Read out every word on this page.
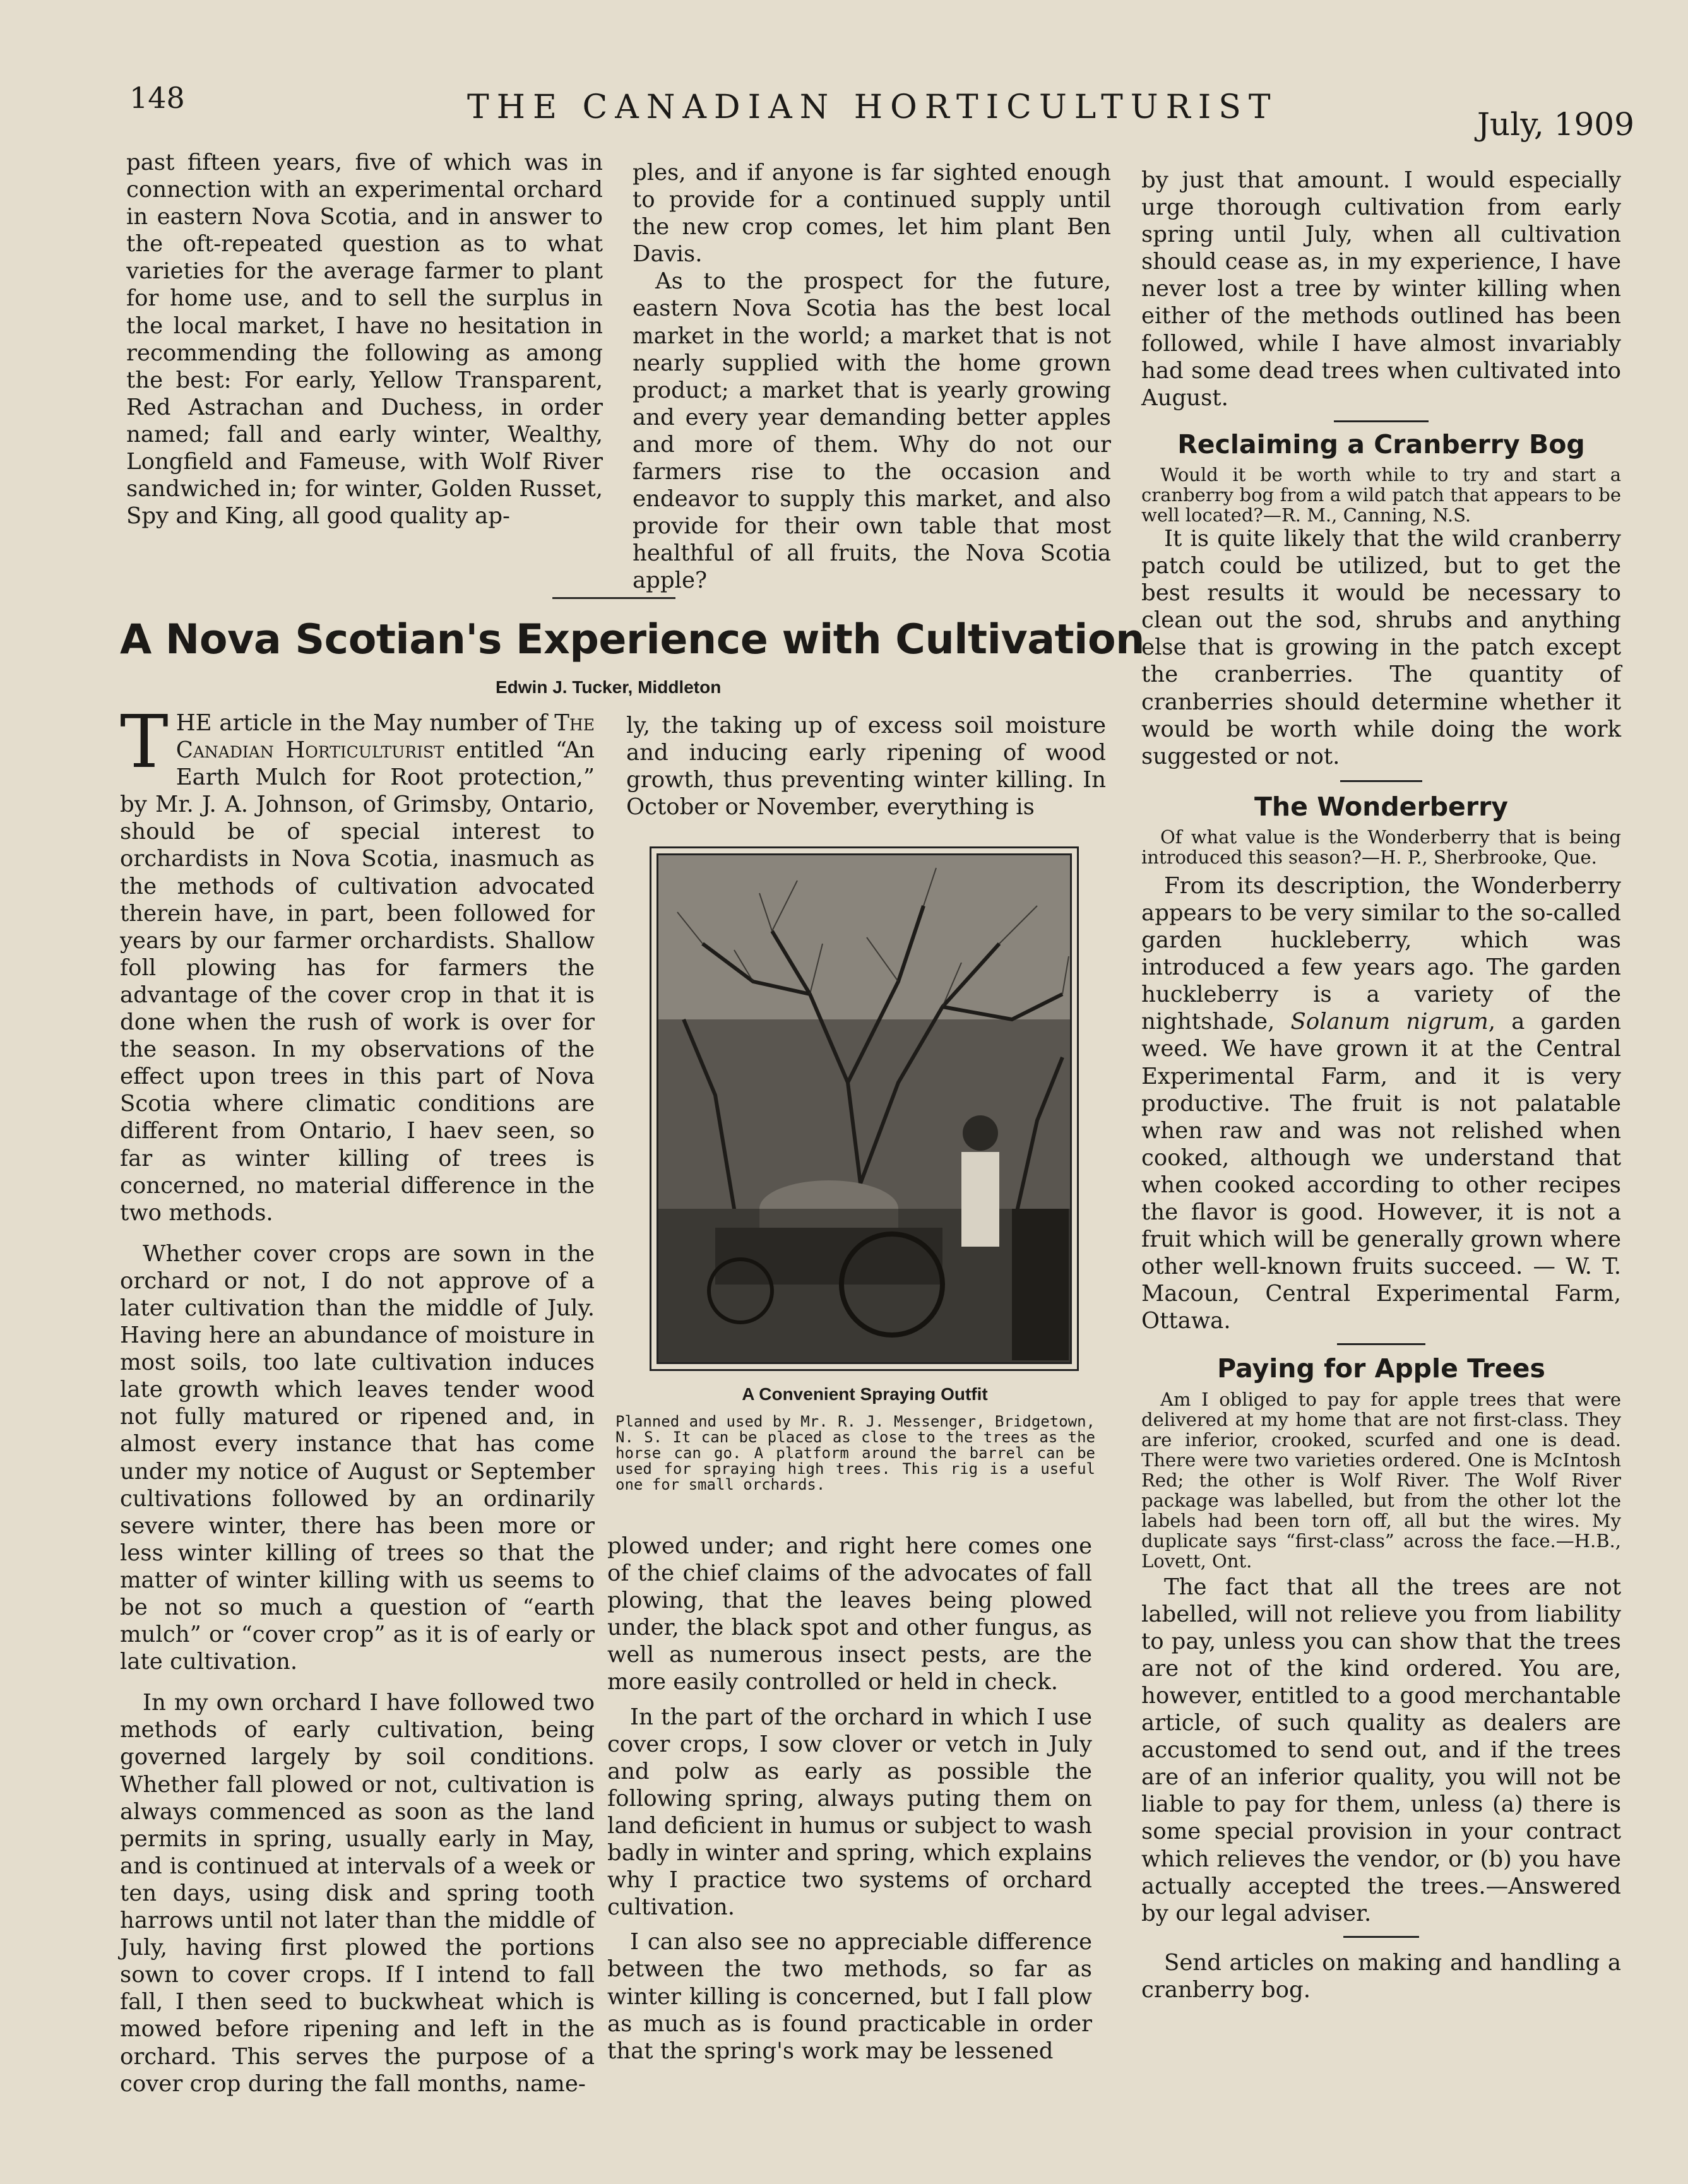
148	THE CANADIAN HORTICULTURIST	July, 1909

past fifteen years, five of which was in connection with an experimental orchard in eastern Nova Scotia, and in answer to the oft-repeated question as to what varieties for the average farmer to plant for home use, and to sell the surplus in the local market, I have no hesitation in recommending the following as among the best: For early, Yellow Transparent, Red Astrachan and Duchess, in order named; fall and early winter, Wealthy, Longfield and Fameuse, with Wolf River sandwiched in; for winter, Golden Russet, Spy and King, all good quality ap-

ples, and if anyone is far sighted enough to provide for a continued supply until the new crop comes, let him plant Ben Davis.

As to the prospect for the future, eastern Nova Scotia has the best local market in the world; a market that is not nearly supplied with the home grown product; a market that is yearly growing and every year demanding better apples and more of them. Why do not our farmers rise to the occasion and endeavor to supply this market, and also provide for their own table that most healthful of all fruits, the Nova Scotia apple?

A Nova Scotian's Experience with Cultivation
Edwin J. Tucker, Middleton

THE article in the May number of The Canadian Horticulturist entitled “An Earth Mulch for Root protection,” by Mr. J. A. Johnson, of Grimsby, Ontario, should be of special interest to orchardists in Nova Scotia, inasmuch as the methods of cultivation advocated therein have, in part, been followed for years by our farmer orchardists. Shallow foll plowing has for farmers the advantage of the cover crop in that it is done when the rush of work is over for the season. In my observations of the effect upon trees in this part of Nova Scotia where climatic conditions are different from Ontario, I haev seen, so far as winter killing of trees is concerned, no material difference in the two methods.

Whether cover crops are sown in the orchard or not, I do not approve of a later cultivation than the middle of July. Having here an abundance of moisture in most soils, too late cultivation induces late growth which leaves tender wood not fully matured or ripened and, in almost every instance that has come under my notice of August or September cultivations followed by an ordinarily severe winter, there has been more or less winter killing of trees so that the matter of winter killing with us seems to be not so much a question of “earth mulch” or “cover crop” as it is of early or late cultivation.

In my own orchard I have followed two methods of early cultivation, being governed largely by soil conditions. Whether fall plowed or not, cultivation is always commenced as soon as the land permits in spring, usually early in May, and is continued at intervals of a week or ten days, using disk and spring tooth harrows until not later than the middle of July, having first plowed the portions sown to cover crops. If I intend to fall fall, I then seed to buckwheat which is mowed before ripening and left in the orchard. This serves the purpose of a cover crop during the fall months, name-

ly, the taking up of excess soil moisture and inducing early ripening of wood growth, thus preventing winter killing. In October or November, everything is

A Convenient Spraying Outfit
Planned and used by Mr. R. J. Messenger, Bridgetown, N. S. It can be placed as close to the trees as the horse can go. A platform around the barrel can be used for spraying high trees. This rig is a useful one for small orchards.

plowed under; and right here comes one of the chief claims of the advocates of fall plowing, that the leaves being plowed under, the black spot and other fungus, as well as numerous insect pests, are the more easily controlled or held in check.

In the part of the orchard in which I use cover crops, I sow clover or vetch in July and polw as early as possible the following spring, always puting them on land deficient in humus or subject to wash badly in winter and spring, which explains why I practice two systems of orchard cultivation.

I can also see no appreciable difference between the two methods, so far as winter killing is concerned, but I fall plow as much as is found practicable in order that the spring's work may be lessened

by just that amount. I would especially urge thorough cultivation from early spring until July, when all cultivation should cease as, in my experience, I have never lost a tree by winter killing when either of the methods outlined has been followed, while I have almost invariably had some dead trees when cultivated into August.

Reclaiming a Cranberry Bog

Would it be worth while to try and start a cranberry bog from a wild patch that appears to be well located?—R. M., Canning, N.S.

It is quite likely that the wild cranberry patch could be utilized, but to get the best results it would be necessary to clean out the sod, shrubs and anything else that is growing in the patch except the cranberries. The quantity of cranberries should determine whether it would be worth while doing the work suggested or not.

The Wonderberry

Of what value is the Wonderberry that is being introduced this season?—H. P., Sherbrooke, Que.

From its description, the Wonderberry appears to be very similar to the so-called garden huckleberry, which was introduced a few years ago. The garden huckleberry is a variety of the nightshade, Solanum nigrum, a garden weed. We have grown it at the Central Experimental Farm, and it is very productive. The fruit is not palatable when raw and was not relished when cooked, although we understand that when cooked according to other recipes the flavor is good. However, it is not a fruit which will be generally grown where other well-known fruits succeed. — W. T. Macoun, Central Experimental Farm, Ottawa.

Paying for Apple Trees

Am I obliged to pay for apple trees that were delivered at my home that are not first-class. They are inferior, crooked, scurfed and one is dead. There were two varieties ordered. One is McIntosh Red; the other is Wolf River. The Wolf River package was labelled, but from the other lot the labels had been torn off, all but the wires. My duplicate says “first-class” across the face.—H.B., Lovett, Ont.

The fact that all the trees are not labelled, will not relieve you from liability to pay, unless you can show that the trees are not of the kind ordered. You are, however, entitled to a good merchantable article, of such quality as dealers are accustomed to send out, and if the trees are of an inferior quality, you will not be liable to pay for them, unless (a) there is some special provision in your contract which relieves the vendor, or (b) you have actually accepted the trees.—Answered by our legal adviser.

Send articles on making and handling a cranberry bog.
